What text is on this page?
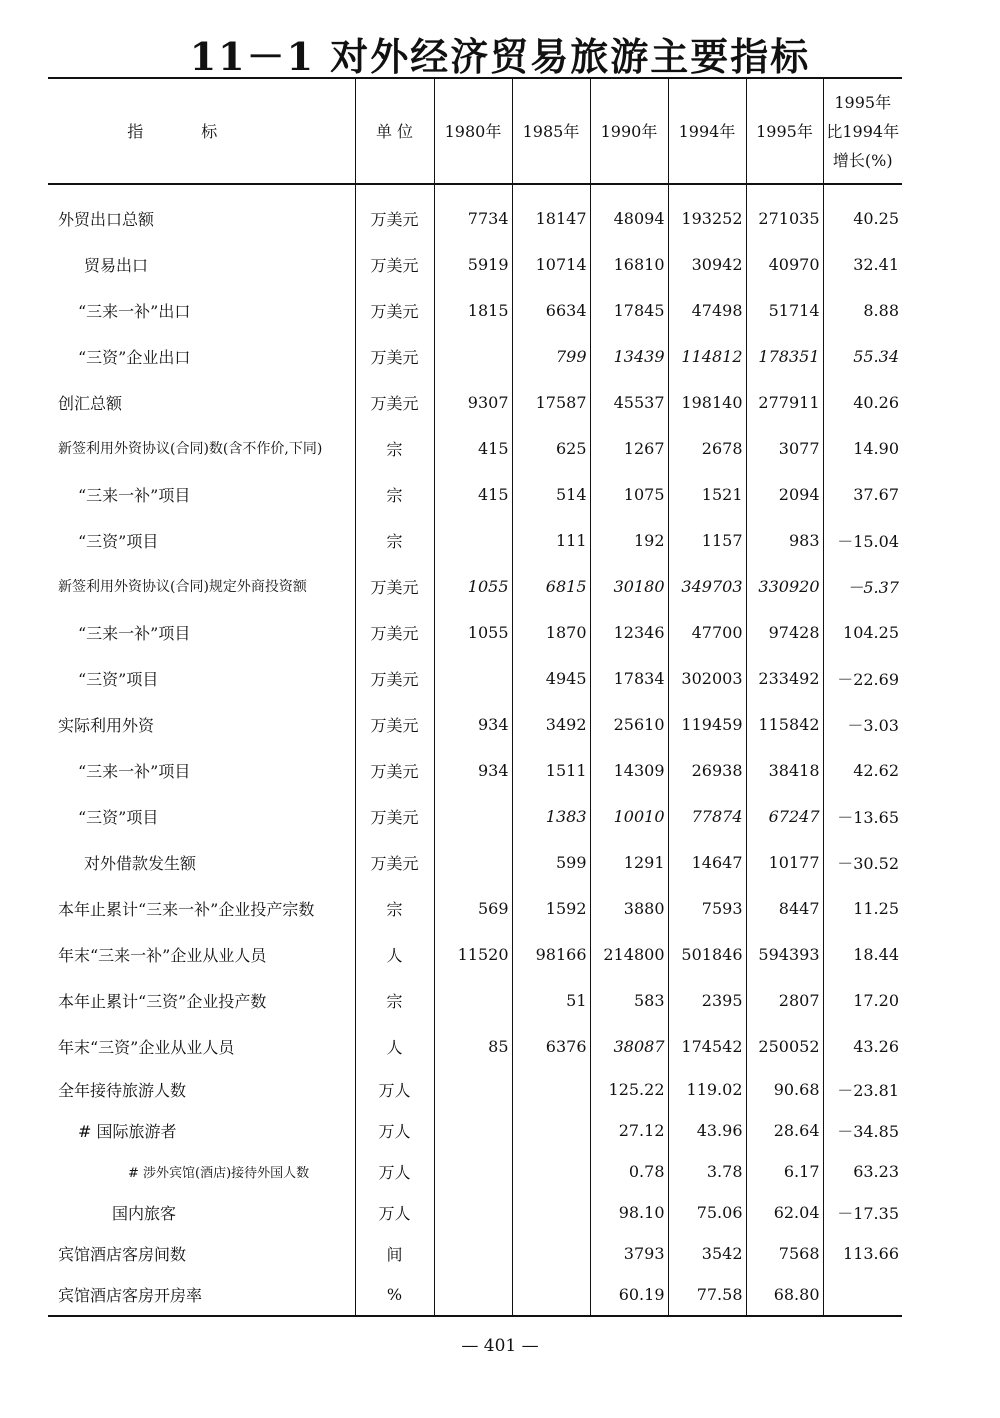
11－1 对外经济贸易旅游主要指标
指标	单 位	1980年	1985年	1990年	1994年	1995年	1995年
比1994年
增长(%)

外贸出口总额	万美元	7734	18147	48094	193252	271035	40.25
贸易出口	万美元	5919	10714	16810	30942	40970	32.41
“三来一补”出口	万美元	1815	6634	17845	47498	51714	8.88
“三资”企业出口	万美元		799	13439	114812	178351	55.34
创汇总额	万美元	9307	17587	45537	198140	277911	40.26
新签利用外资协议(合同)数(含不作价,下同)	宗	415	625	1267	2678	3077	14.90
“三来一补”项目	宗	415	514	1075	1521	2094	37.67
“三资”项目	宗		111	192	1157	983	－15.04
新签利用外资协议(合同)规定外商投资额	万美元	1055	6815	30180	349703	330920	－5.37
“三来一补”项目	万美元	1055	1870	12346	47700	97428	104.25
“三资”项目	万美元		4945	17834	302003	233492	－22.69
实际利用外资	万美元	934	3492	25610	119459	115842	－3.03
“三来一补”项目	万美元	934	1511	14309	26938	38418	42.62
“三资”项目	万美元		1383	10010	77874	67247	－13.65
对外借款发生额	万美元		599	1291	14647	10177	－30.52
本年止累计“三来一补”企业投产宗数	宗	569	1592	3880	7593	8447	11.25
年末“三来一补”企业从业人员	人	11520	98166	214800	501846	594393	18.44
本年止累计“三资”企业投产数	宗		51	583	2395	2807	17.20
年末“三资”企业从业人员	人	85	6376	38087	174542	250052	43.26
全年接待旅游人数	万人			125.22	119.02	90.68	－23.81
# 国际旅游者	万人			27.12	43.96	28.64	－34.85
# 涉外宾馆(酒店)接待外国人数	万人			0.78	3.78	6.17	63.23
国内旅客	万人			98.10	75.06	62.04	－17.35
宾馆酒店客房间数	间			3793	3542	7568	113.66
宾馆酒店客房开房率	%			60.19	77.58	68.80	
— 401 —
